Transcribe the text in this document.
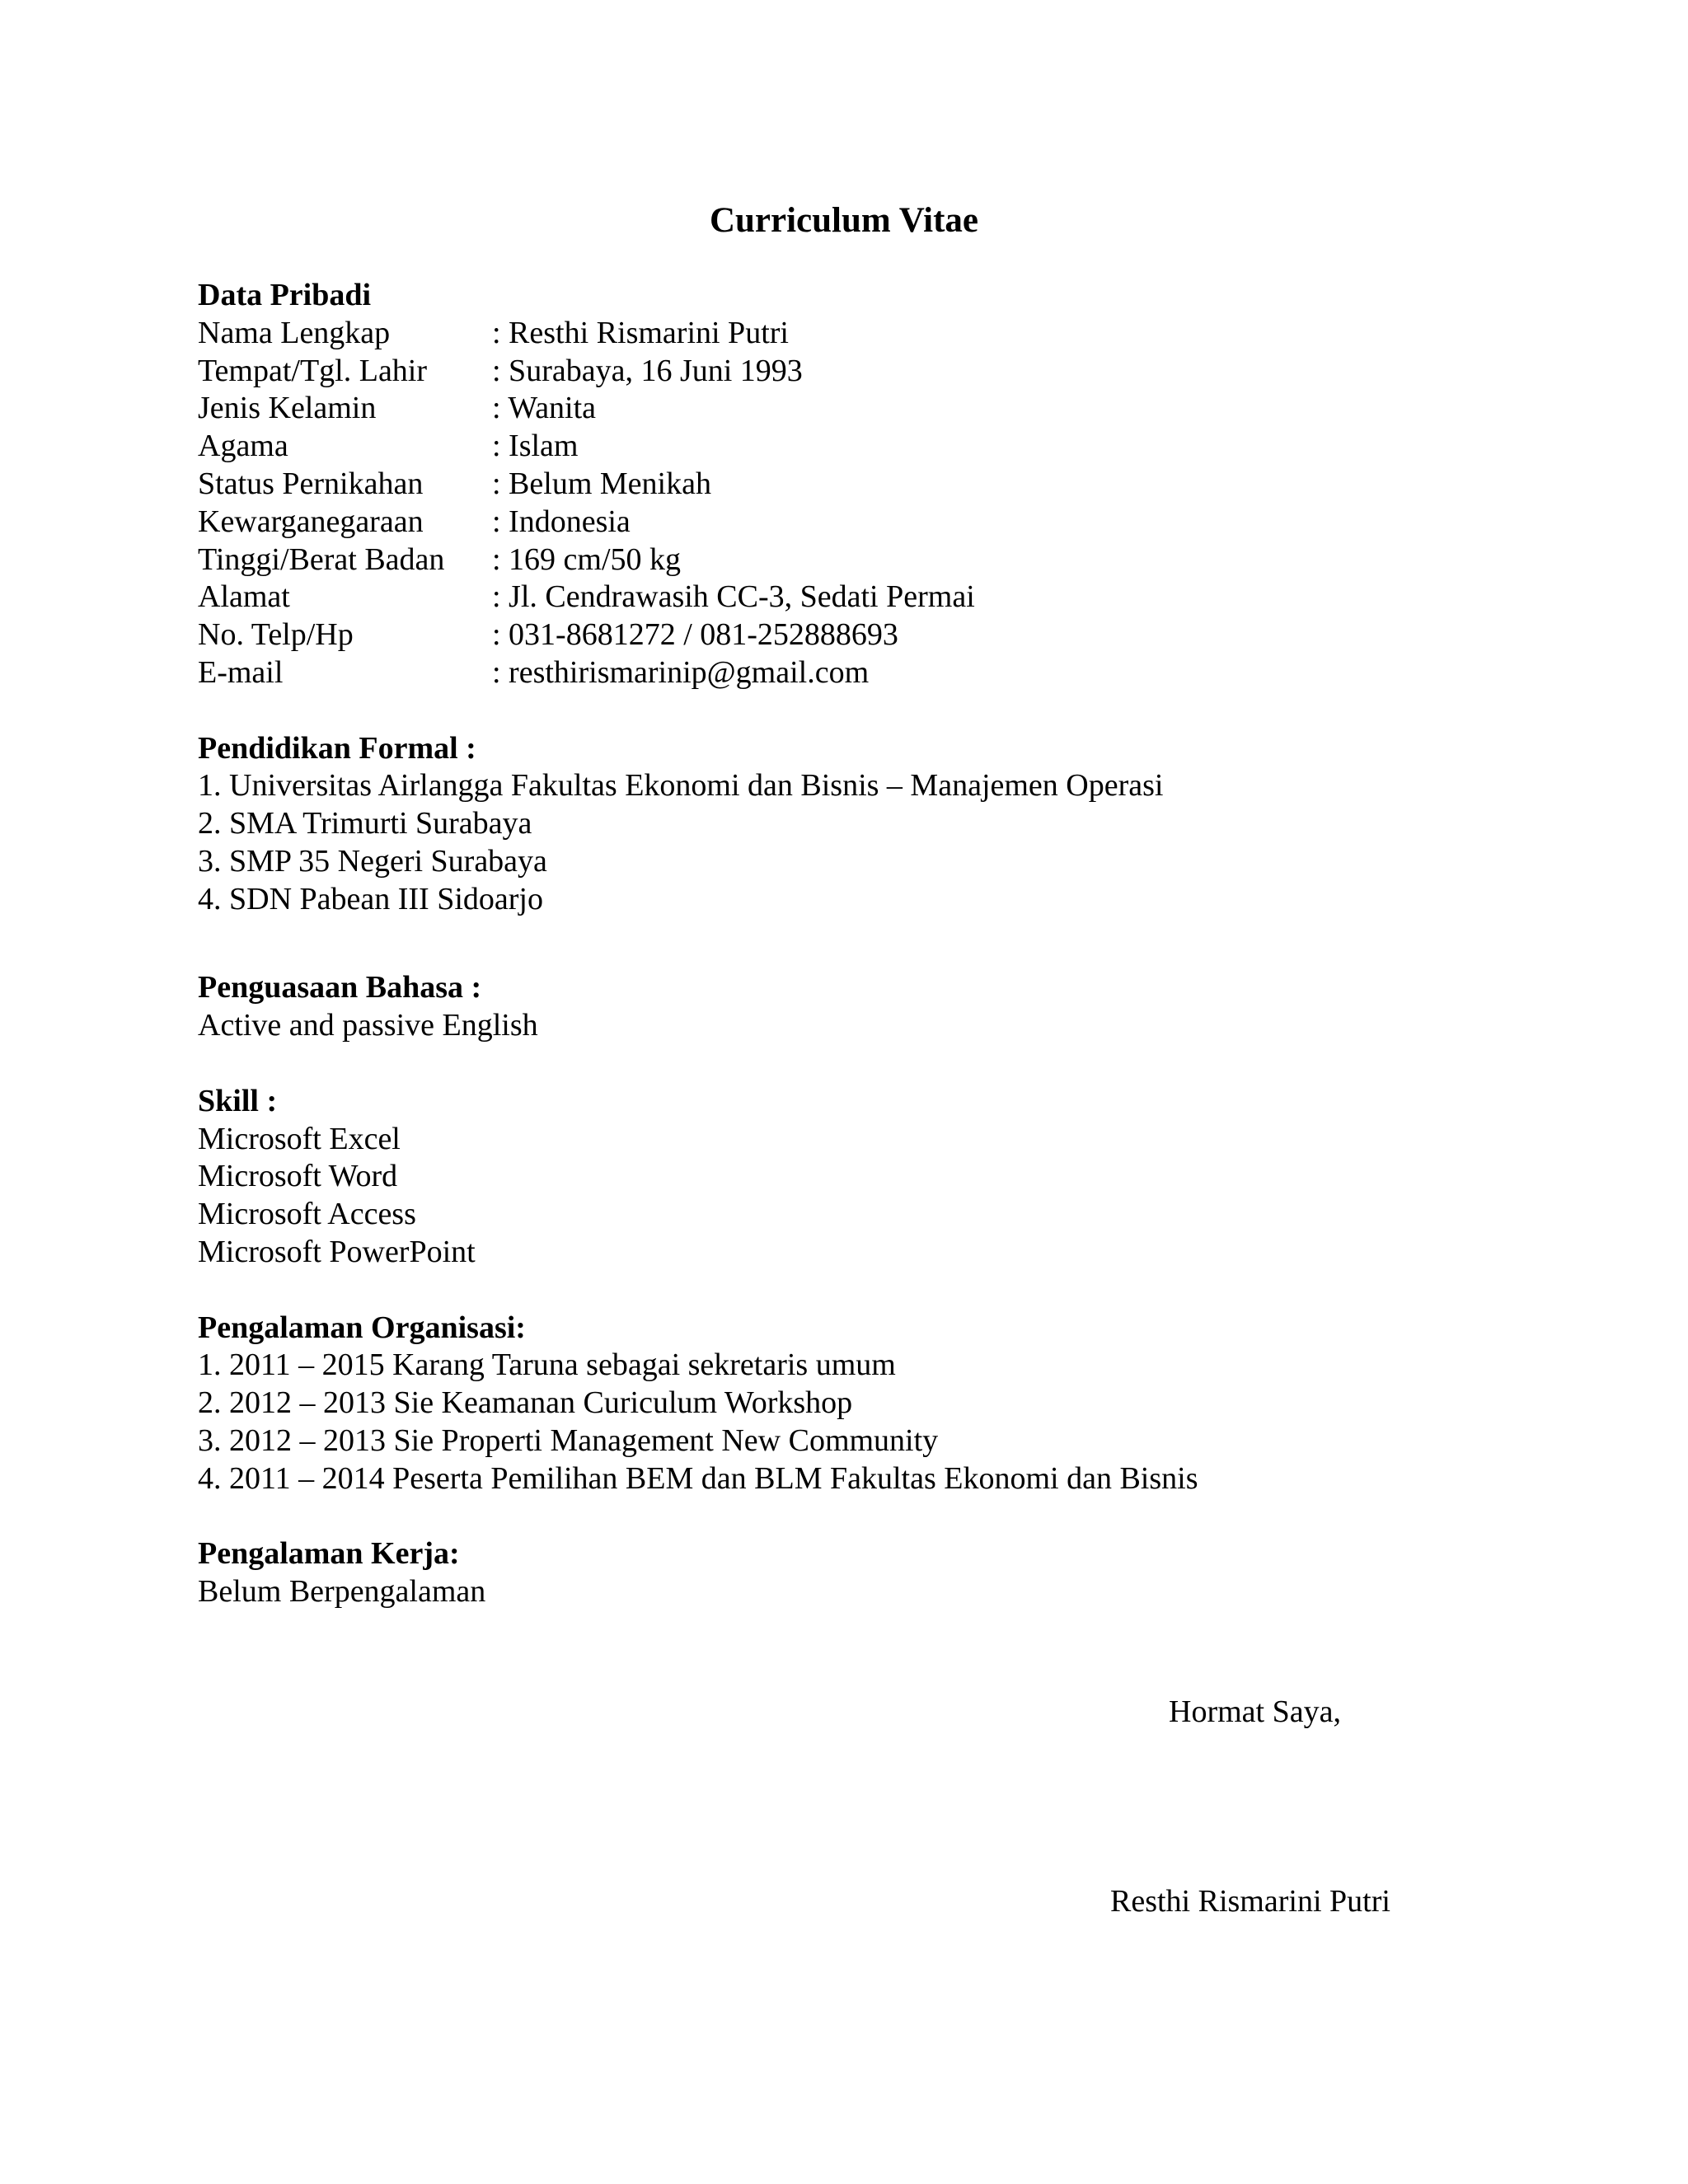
Curriculum Vitae
Data Pribadi
Nama Lengkap	: Resthi Rismarini Putri
Tempat/Tgl. Lahir	: Surabaya, 16 Juni 1993
Jenis Kelamin	: Wanita
Agama	: Islam
Status Pernikahan	: Belum Menikah
Kewarganegaraan	: Indonesia
Tinggi/Berat Badan	: 169 cm/50 kg
Alamat	: Jl. Cendrawasih CC-3, Sedati Permai
No. Telp/Hp	: 031-8681272 / 081-252888693
E-mail	: resthirismarinip@gmail.com
Pendidikan Formal :
1. Universitas Airlangga Fakultas Ekonomi dan Bisnis – Manajemen Operasi
2. SMA Trimurti Surabaya
3. SMP 35 Negeri Surabaya
4. SDN Pabean III Sidoarjo
Penguasaan Bahasa :
Active and passive English
Skill :
Microsoft Excel
Microsoft Word
Microsoft Access
Microsoft PowerPoint
Pengalaman Organisasi:
1. 2011 – 2015 Karang Taruna sebagai sekretaris umum
2. 2012 – 2013 Sie Keamanan Curiculum Workshop
3. 2012 – 2013 Sie Properti Management New Community
4. 2011 – 2014 Peserta Pemilihan BEM dan BLM Fakultas Ekonomi dan Bisnis
Pengalaman Kerja:
Belum Berpengalaman
Hormat Saya,
Resthi Rismarini Putri
